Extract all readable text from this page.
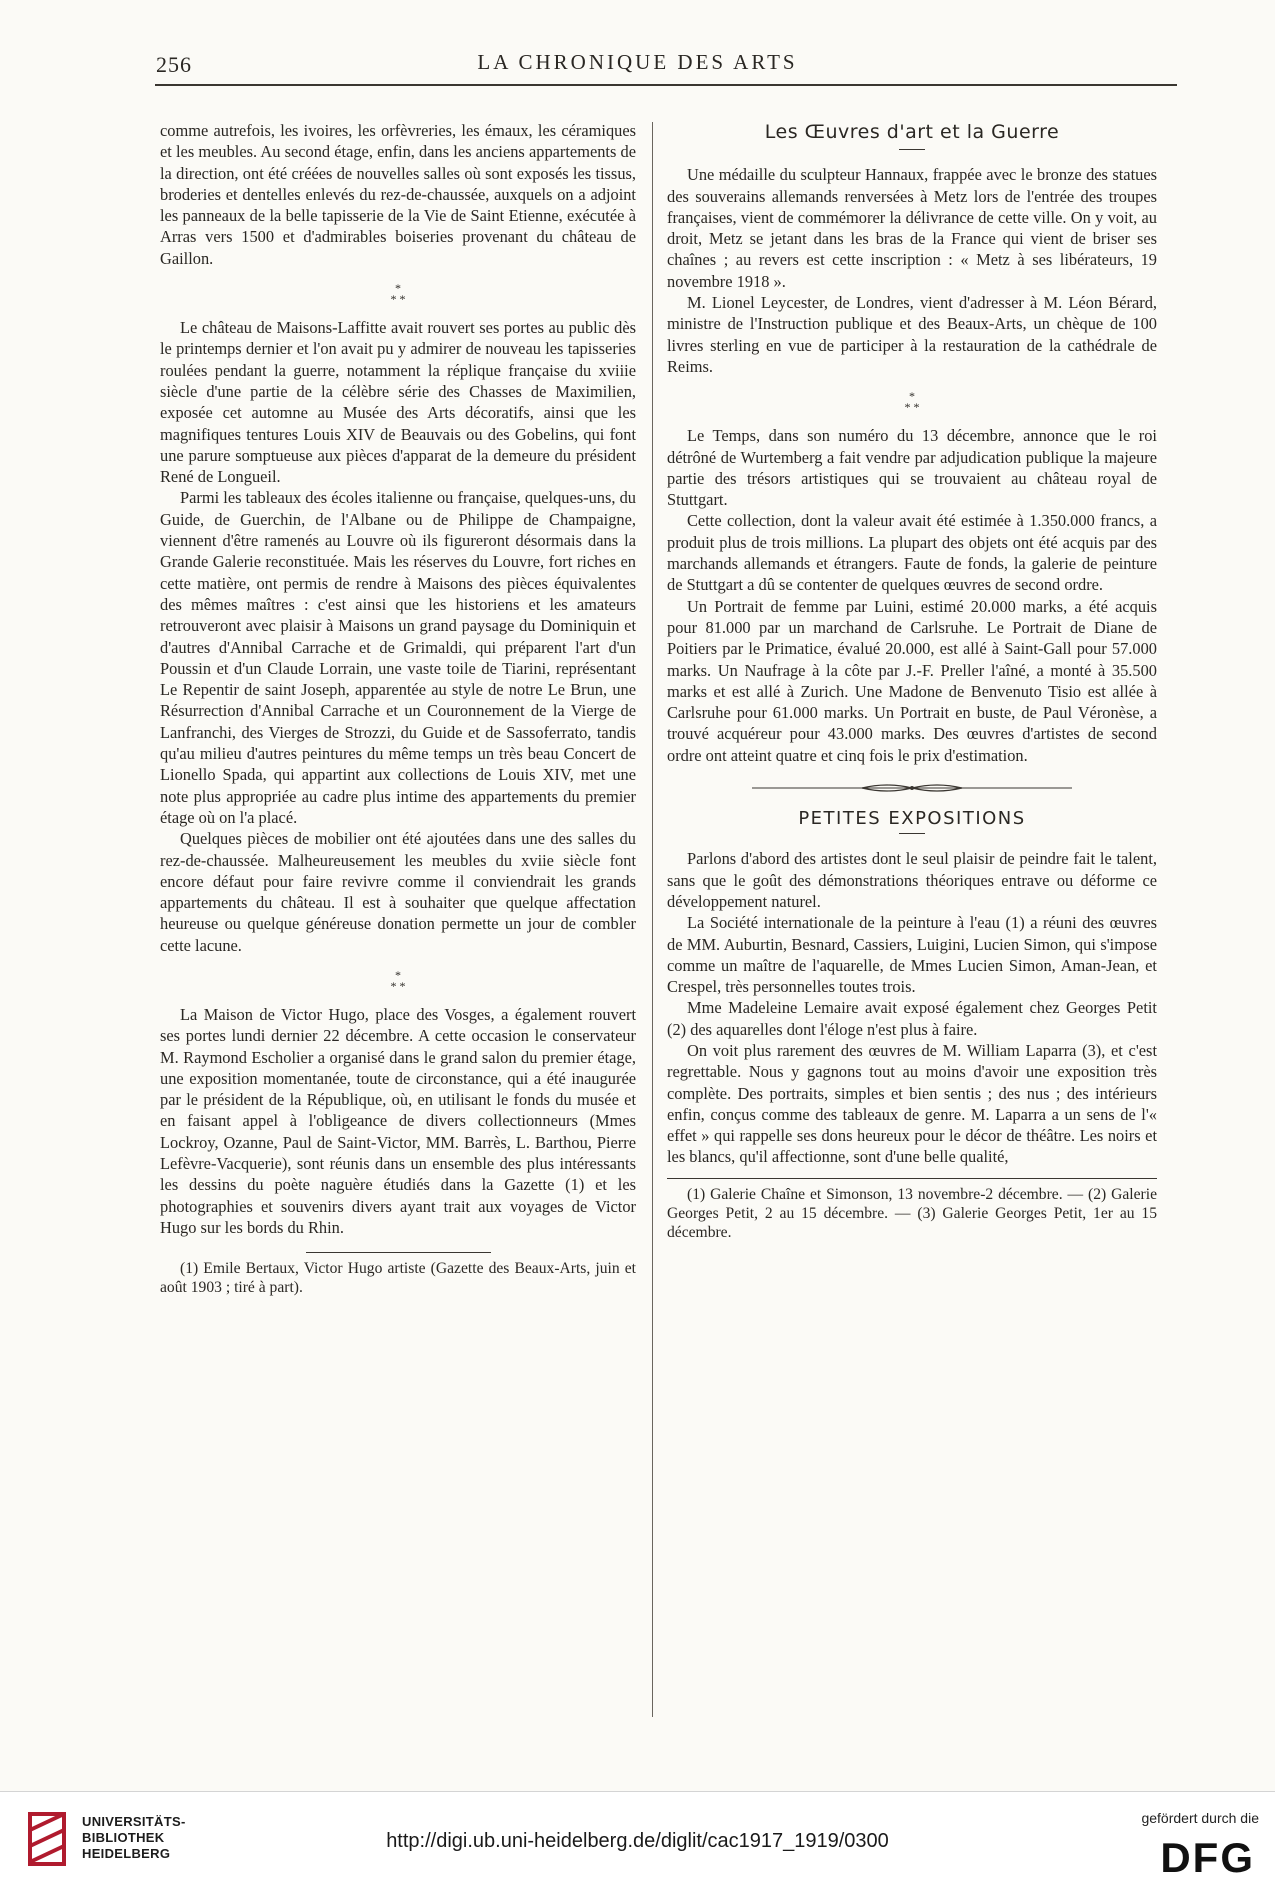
256	LA CHRONIQUE DES ARTS

comme autrefois, les ivoires, les orfèvreries, les émaux, les céramiques et les meubles. Au second étage, enfin, dans les anciens appartements de la direction, ont été créées de nouvelles salles où sont exposés les tissus, broderies et dentelles enlevés du rez-de-chaussée, auxquels on a adjoint les panneaux de la belle tapisserie de la Vie de Saint Etienne, exécutée à Arras vers 1500 et d'admirables boiseries provenant du château de Gaillon.

*
* *

Le château de Maisons-Laffitte avait rouvert ses portes au public dès le printemps dernier et l'on avait pu y admirer de nouveau les tapisseries roulées pendant la guerre, notamment la réplique française du xviiie siècle d'une partie de la célèbre série des Chasses de Maximilien, exposée cet automne au Musée des Arts décoratifs, ainsi que les magnifiques tentures Louis XIV de Beauvais ou des Gobelins, qui font une parure somptueuse aux pièces d'apparat de la demeure du président René de Longueil.

Parmi les tableaux des écoles italienne ou française, quelques-uns, du Guide, de Guerchin, de l'Albane ou de Philippe de Champaigne, viennent d'être ramenés au Louvre où ils figureront désormais dans la Grande Galerie reconstituée. Mais les réserves du Louvre, fort riches en cette matière, ont permis de rendre à Maisons des pièces équivalentes des mêmes maîtres : c'est ainsi que les historiens et les amateurs retrouveront avec plaisir à Maisons un grand paysage du Dominiquin et d'autres d'Annibal Carrache et de Grimaldi, qui préparent l'art d'un Poussin et d'un Claude Lorrain, une vaste toile de Tiarini, représentant Le Repentir de saint Joseph, apparentée au style de notre Le Brun, une Résurrection d'Annibal Carrache et un Couronnement de la Vierge de Lanfranchi, des Vierges de Strozzi, du Guide et de Sassoferrato, tandis qu'au milieu d'autres peintures du même temps un très beau Concert de Lionello Spada, qui appartint aux collections de Louis XIV, met une note plus appropriée au cadre plus intime des appartements du premier étage où on l'a placé.

Quelques pièces de mobilier ont été ajoutées dans une des salles du rez-de-chaussée. Malheureusement les meubles du xviie siècle font encore défaut pour faire revivre comme il conviendrait les grands appartements du château. Il est à souhaiter que quelque affectation heureuse ou quelque généreuse donation permette un jour de combler cette lacune.

*
* *

La Maison de Victor Hugo, place des Vosges, a également rouvert ses portes lundi dernier 22 décembre. A cette occasion le conservateur M. Raymond Escholier a organisé dans le grand salon du premier étage, une exposition momentanée, toute de circonstance, qui a été inaugurée par le président de la République, où, en utilisant le fonds du musée et en faisant appel à l'obligeance de divers collectionneurs (Mmes Lockroy, Ozanne, Paul de Saint-Victor, MM. Barrès, L. Barthou, Pierre Lefèvre-Vacquerie), sont réunis dans un ensemble des plus intéressants les dessins du poète naguère étudiés dans la Gazette (1) et les photographies et souvenirs divers ayant trait aux voyages de Victor Hugo sur les bords du Rhin.

(1) Emile Bertaux, Victor Hugo artiste (Gazette des Beaux-Arts, juin et août 1903 ; tiré à part).

Les Œuvres d'art et la Guerre

Une médaille du sculpteur Hannaux, frappée avec le bronze des statues des souverains allemands renversées à Metz lors de l'entrée des troupes françaises, vient de commémorer la délivrance de cette ville. On y voit, au droit, Metz se jetant dans les bras de la France qui vient de briser ses chaînes ; au revers est cette inscription : « Metz à ses libérateurs, 19 novembre 1918 ».

M. Lionel Leycester, de Londres, vient d'adresser à M. Léon Bérard, ministre de l'Instruction publique et des Beaux-Arts, un chèque de 100 livres sterling en vue de participer à la restauration de la cathédrale de Reims.

*
* *

Le Temps, dans son numéro du 13 décembre, annonce que le roi détrôné de Wurtemberg a fait vendre par adjudication publique la majeure partie des trésors artistiques qui se trouvaient au château royal de Stuttgart.

Cette collection, dont la valeur avait été estimée à 1.350.000 francs, a produit plus de trois millions. La plupart des objets ont été acquis par des marchands allemands et étrangers. Faute de fonds, la galerie de peinture de Stuttgart a dû se contenter de quelques œuvres de second ordre.

Un Portrait de femme par Luini, estimé 20.000 marks, a été acquis pour 81.000 par un marchand de Carlsruhe. Le Portrait de Diane de Poitiers par le Primatice, évalué 20.000, est allé à Saint-Gall pour 57.000 marks. Un Naufrage à la côte par J.-F. Preller l'aîné, a monté à 35.500 marks et est allé à Zurich. Une Madone de Benvenuto Tisio est allée à Carlsruhe pour 61.000 marks. Un Portrait en buste, de Paul Véronèse, a trouvé acquéreur pour 43.000 marks. Des œuvres d'artistes de second ordre ont atteint quatre et cinq fois le prix d'estimation.

PETITES EXPOSITIONS

Parlons d'abord des artistes dont le seul plaisir de peindre fait le talent, sans que le goût des démonstrations théoriques entrave ou déforme ce développement naturel.

La Société internationale de la peinture à l'eau (1) a réuni des œuvres de MM. Auburtin, Besnard, Cassiers, Luigini, Lucien Simon, qui s'impose comme un maître de l'aquarelle, de Mmes Lucien Simon, Aman-Jean, et Crespel, très personnelles toutes trois.

Mme Madeleine Lemaire avait exposé également chez Georges Petit (2) des aquarelles dont l'éloge n'est plus à faire.

On voit plus rarement des œuvres de M. William Laparra (3), et c'est regrettable. Nous y gagnons tout au moins d'avoir une exposition très complète. Des portraits, simples et bien sentis ; des nus ; des intérieurs enfin, conçus comme des tableaux de genre. M. Laparra a un sens de l'« effet » qui rappelle ses dons heureux pour le décor de théâtre. Les noirs et les blancs, qu'il affectionne, sont d'une belle qualité,

(1) Galerie Chaîne et Simonson, 13 novembre-2 décembre. — (2) Galerie Georges Petit, 2 au 15 décembre. — (3) Galerie Georges Petit, 1er au 15 décembre.

UNIVERSITÄTS-
BIBLIOTHEK
HEIDELBERG
http://digi.ub.uni-heidelberg.de/diglit/cac1917_1919/0300
gefördert durch die
DFG
